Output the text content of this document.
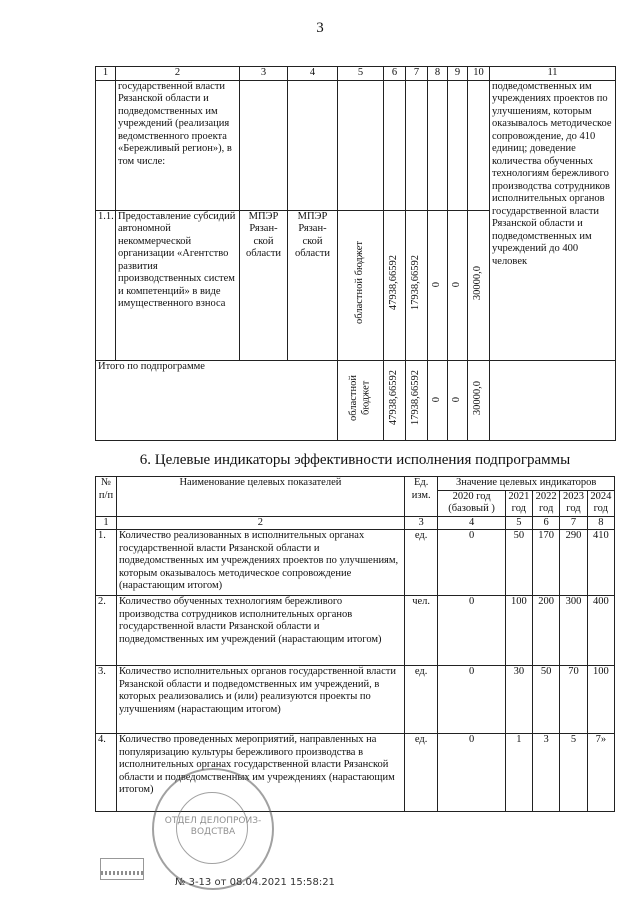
3
1	2	3	4	5	6	7	8	9	10	11
	государственной власти Рязанской области и подведомственных им учреждений (реализация ведомственного проекта «Бережливый регион»), в том числе:									подведомственных им учреждениях проектов по улучшениям, которым оказывалось методическое сопровождение, до 410 единиц; доведение количества обученных технологиям бережливого производства сотрудников исполнительных органов государственной власти Рязанской области и подведомственных им учреждений до 400 человек
1.1.	Предоставление субсидий автономной некоммерческой организации «Агентство развития производственных систем и компетенций» в виде имущественного взноса	МПЭР Рязан-ской области	МПЭР Рязан-ской области	областной бюджет	47938,66592	17938,66592	0	0	30000,0	
Итого по подпрограмме				областной бюджет	47938,66592	17938,66592	0	0	30000,0	
6. Целевые индикаторы эффективности исполнения подпрограммы
№ п/п	Наименование целевых показателей	Ед. изм.	Значение целевых индикаторов				
			2020 год (базовый )	2021 год	2022 год	2023 год	2024 год
1	2	3	4	5	6	7	8
1.	Количество реализованных в исполнительных органах государственной власти Рязанской области и подведомственных им учреждениях проектов по улучшениям, которым оказывалось методическое сопровождение (нарастающим итогом)	ед.	0	50	170	290	410
2.	Количество обученных технологиям бережливого производства сотрудников исполнительных органов государственной власти Рязанской области и подведомственных им учреждений (нарастающим итогом)	чел.	0	100	200	300	400
3.	Количество исполнительных органов государственной власти Рязанской области и подведомственных им учреждений, в которых реализовались и (или) реализуются проекты по улучшениям (нарастающим итогом)	ед.	0	30	50	70	100
4.	Количество проведенных мероприятий, направленных на популяризацию культуры бережливого производства в исполнительных органах государственной власти Рязанской области и подведомственных им учреждениях (нарастающим итогом)	ед.	0	1	3	5	7»
ОТДЕЛ ДЕЛОПРОИЗ-ВОДСТВА
№ 3-13 от 08.04.2021 15:58:21
